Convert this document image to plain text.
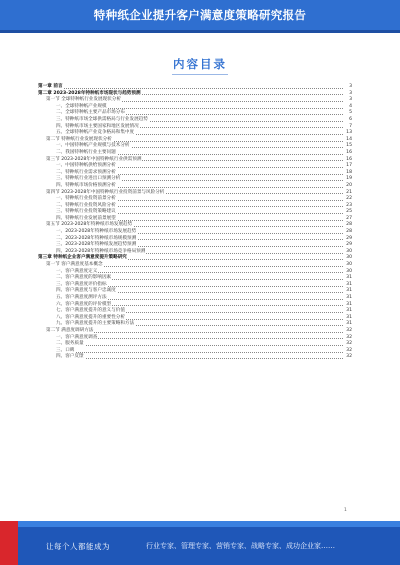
特种纸企业提升客户满意度策略研究报告
内容目录
第一章 前言	3
第二章 2023-2028年特种纸市场现状与趋势预测	3
第一节 全球特种纸行业发展现状分析	3
一、全球特种纸产业规模	4
二、全球特种纸主要产品市场分布	5
三、特种纸市场全球供需格局与行业发展趋势	6
四、特种纸市场主要国家和地区发展情况	7
五、全球特种纸产业竞争格局和集中度	13
第二节 特种纸行业发展现状分析	14
一、中国特种纸产业规模与技术分析	15
二、我国特种纸行业主要问题	16
第三节 2023-2028年中国特种纸行业供需预测	16
一、中国特种纸供给预测分析	17
二、特种纸行业需求预测分析	18
三、特种纸行业进出口预测分析	19
四、特种纸市场价格预测分析	20
第四节 2023-2028年中国特种纸行业投资前景与风险分析	21
一、特种纸行业投资前景分析	22
二、特种纸行业投资风险分析	23
三、特种纸行业投资策略建议	25
四、特种纸行业发展前景展望	27
第五节 2023-2028年特种纸市场发展趋势	28
一、2023-2028年特种纸市场发展趋势	28
二、2023-2028年特种纸市场规模预测	29
三、2023-2028年特种纸发展趋势预测	29
四、2023-2028年特种纸市场竞争格局预测	30
第三章 特种纸企业客户满意度提升策略研究	30
第一节 客户满意度基本概念	30
一、客户满意度定义	30
二、客户满意度的影响因素	31
三、客户满意度评价指标	31
四、客户满意度与客户忠诚度	31
五、客户满意度测评方法	31
六、客户满意度的评价模型	31
七、客户满意度提升的意义与价值	31
八、客户满意度提升的重要性分析	31
九、客户满意度提升的主要策略和方法	31
第二节 满意度调研方法	32
一、客户满意度调查	32
二、服务质量	32
三、口碑	32
四、客户反馈	32
1
让每个人都能成为	行业专家、管理专家、营销专家、战略专家、成功企业家……
